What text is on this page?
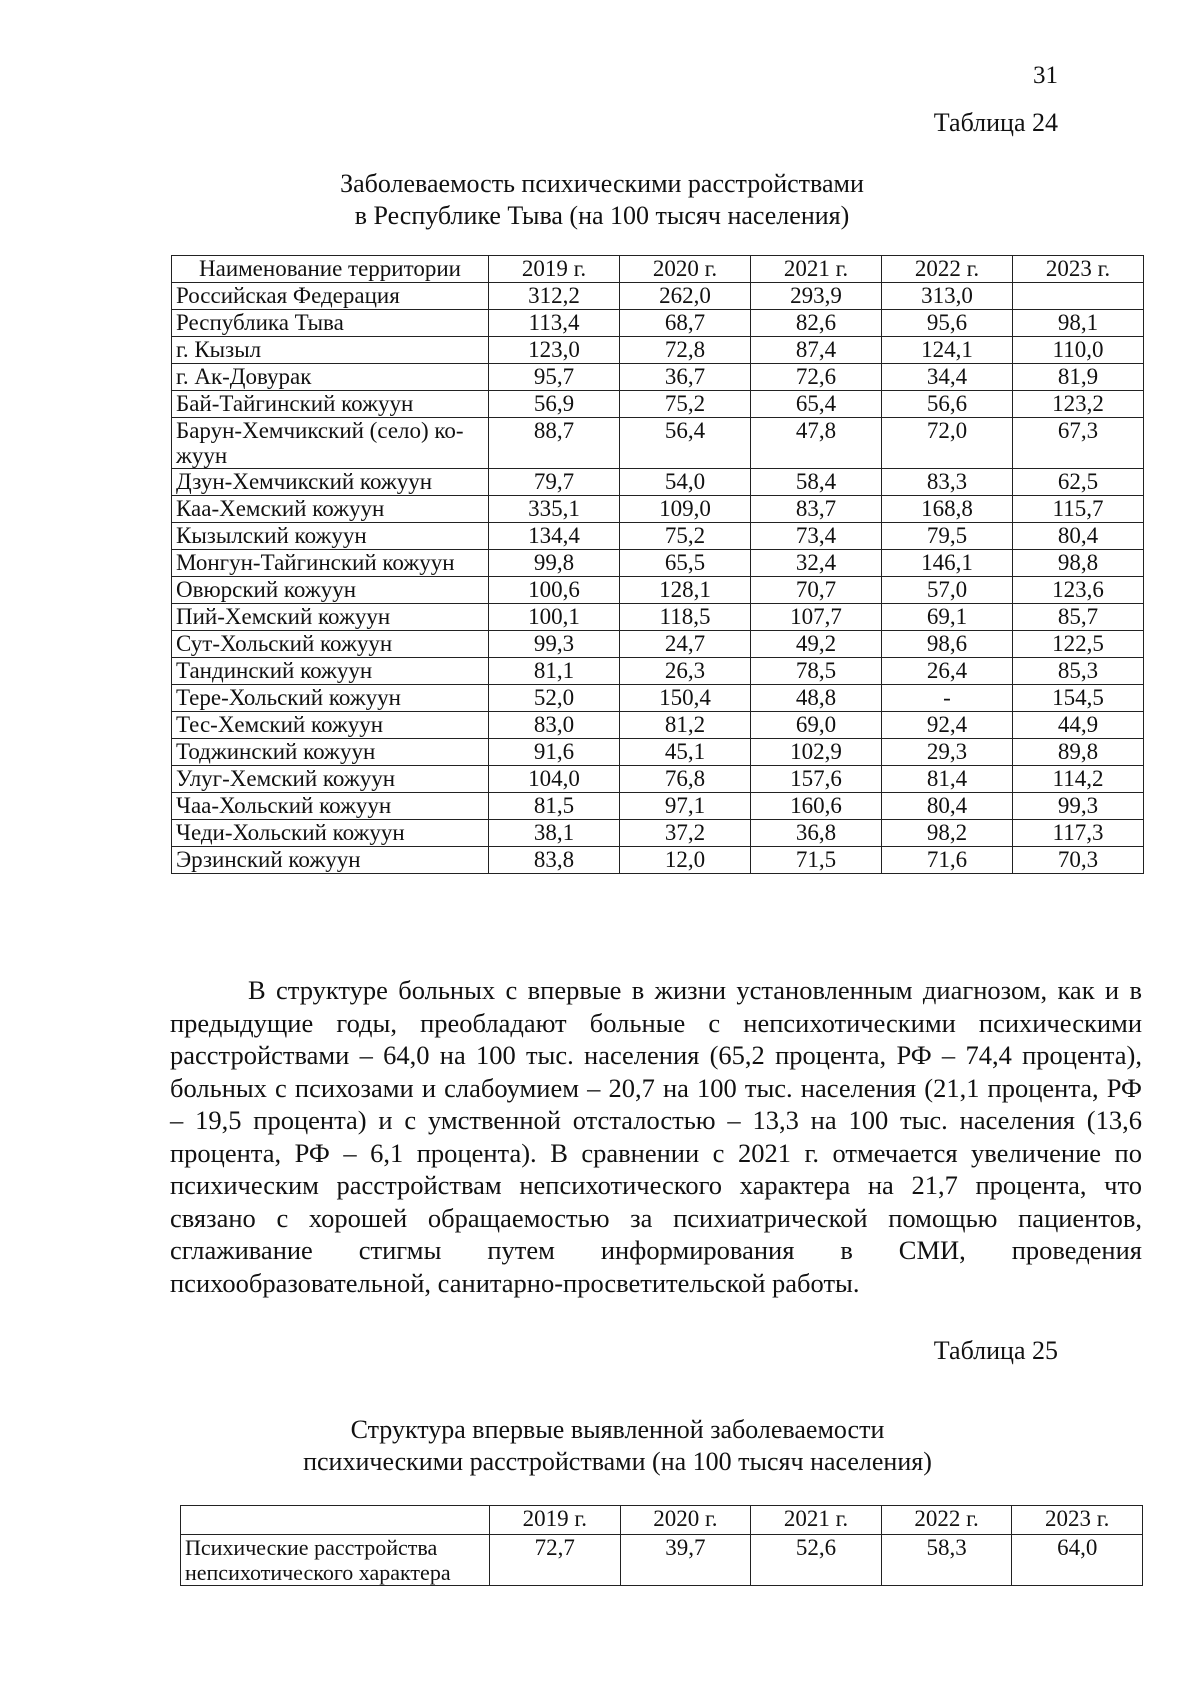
31
Таблица 24
Заболеваемость психическими расстройствами
в Республике Тыва (на 100 тысяч населения)
Наименование территории	2019 г.	2020 г.	2021 г.	2022 г.	2023 г.
Российская Федерация	312,2	262,0	293,9	313,0	
Республика Тыва	113,4	68,7	82,6	95,6	98,1
г. Кызыл	123,0	72,8	87,4	124,1	110,0
г. Ак-Довурак	95,7	36,7	72,6	34,4	81,9
Бай-Тайгинский кожуун	56,9	75,2	65,4	56,6	123,2
Барун-Хемчикский (село) ко-жуун	88,7	56,4	47,8	72,0	67,3
Дзун-Хемчикский кожуун	79,7	54,0	58,4	83,3	62,5
Каа-Хемский кожуун	335,1	109,0	83,7	168,8	115,7
Кызылский кожуун	134,4	75,2	73,4	79,5	80,4
Монгун-Тайгинский кожуун	99,8	65,5	32,4	146,1	98,8
Овюрский кожуун	100,6	128,1	70,7	57,0	123,6
Пий-Хемский кожуун	100,1	118,5	107,7	69,1	85,7
Сут-Хольский кожуун	99,3	24,7	49,2	98,6	122,5
Тандинский кожуун	81,1	26,3	78,5	26,4	85,3
Тере-Хольский кожуун	52,0	150,4	48,8	-	154,5
Тес-Хемский кожуун	83,0	81,2	69,0	92,4	44,9
Тоджинский кожуун	91,6	45,1	102,9	29,3	89,8
Улуг-Хемский кожуун	104,0	76,8	157,6	81,4	114,2
Чаа-Хольский кожуун	81,5	97,1	160,6	80,4	99,3
Чеди-Хольский кожуун	38,1	37,2	36,8	98,2	117,3
Эрзинский кожуун	83,8	12,0	71,5	71,6	70,3

В структуре больных с впервые в жизни установленным диагнозом, как и в предыдущие годы, преобладают больные с непсихотическими психическими расстройствами – 64,0 на 100 тыс. населения (65,2 процента, РФ – 74,4 процента), больных с психозами и слабоумием – 20,7 на 100 тыс. населения (21,1 процента, РФ – 19,5 процента) и с умственной отсталостью – 13,3 на 100 тыс. населения (13,6 процента, РФ – 6,1 процента). В сравнении с 2021 г. отмечается увеличение по психическим расстройствам непсихотического характера на 21,7 процента, что связано с хорошей обращаемостью за психиатрической помощью пациентов, сглаживание стигмы путем информирования в СМИ, проведения психообразовательной, санитарно-просветительской работы.

Таблица 25
Структура впервые выявленной заболеваемости
психическими расстройствами (на 100 тысяч населения)
	2019 г.	2020 г.	2021 г.	2022 г.	2023 г.
Психические расстройства непсихотического характера	72,7	39,7	52,6	58,3	64,0
